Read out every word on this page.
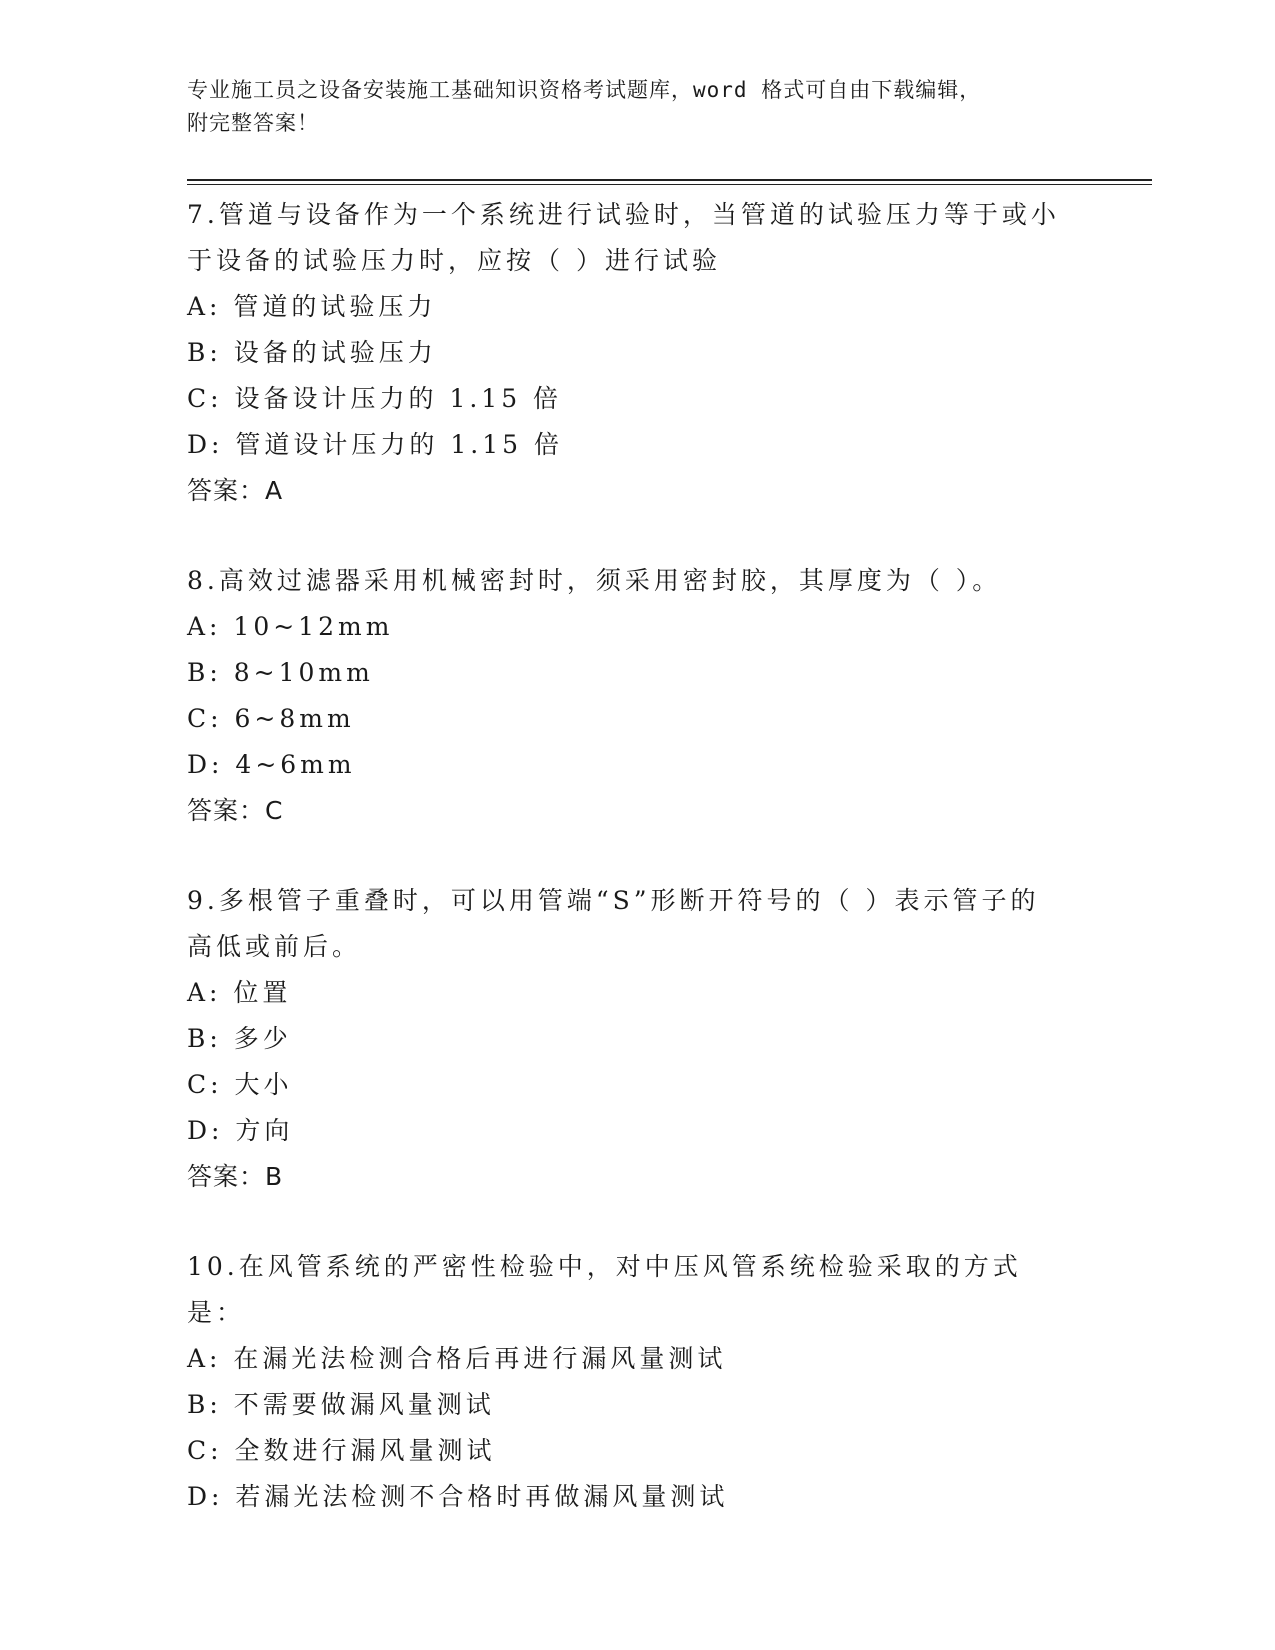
专业施工员之设备安装施工基础知识资格考试题库，word 格式可自由下载编辑，
附完整答案！
7.管道与设备作为一个系统进行试验时，当管道的试验压力等于或小于设备的试验压力时，应按（ ）进行试验
A: 管道的试验压力
B: 设备的试验压力
C: 设备设计压力的 1.15 倍
D: 管道设计压力的 1.15 倍
答案：A
8.高效过滤器采用机械密封时，须采用密封胶，其厚度为（ ）。
A: 10~12mm
B: 8~10mm
C: 6~8mm
D: 4~6mm
答案：C
9.多根管子重叠时，可以用管端“S”形断开符号的（ ）表示管子的高低或前后。
A: 位置
B: 多少
C: 大小
D: 方向
答案：B
10.在风管系统的严密性检验中，对中压风管系统检验采取的方式是：
A: 在漏光法检测合格后再进行漏风量测试
B: 不需要做漏风量测试
C: 全数进行漏风量测试
D: 若漏光法检测不合格时再做漏风量测试
